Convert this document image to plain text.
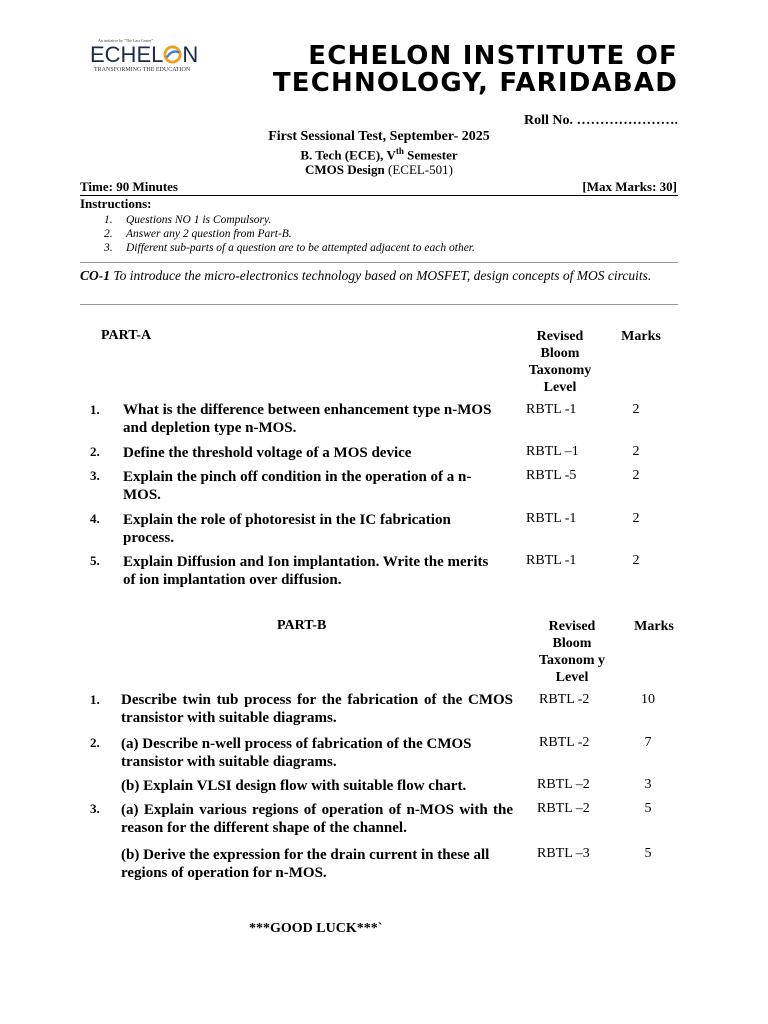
An initiative by "The Last Center"
ECHEL N
TRANSFORMING THE EDUCATION	ECHELON INSTITUTE OF
TECHNOLOGY, FARIDABAD
Roll No. ………………….
First Sessional Test, September- 2025
B. Tech (ECE), Vth Semester
CMOS Design (ECEL-501)
Time: 90 Minutes	[Max Marks: 30]
Instructions:
1. Questions NO 1 is Compulsory.
2. Answer any 2 question from Part-B.
3. Different sub-parts of a question are to be attempted adjacent to each other.
CO-1 To introduce the micro-electronics technology based on MOSFET, design concepts of MOS circuits.
PART-A	Revised Bloom Taxonomy Level
Marks
1. What is the difference between enhancement type n-MOS and depletion type n-MOS.
RBTL -1	2
2. Define the threshold voltage of a MOS device	RBTL –1	2
3. Explain the pinch off condition in the operation of a n-MOS.
RBTL -5	2
4. Explain the role of photoresist in the IC fabrication process.
RBTL -1	2
5. Explain Diffusion and Ion implantation. Write the merits of ion implantation over diffusion.
RBTL -1	2
PART-B	Revised Bloom Taxonom y Level
Marks
1. Describe twin tub process for the fabrication of the CMOS transistor with suitable diagrams.
RBTL -2	10
2. (a) Describe n-well process of fabrication of the CMOS transistor with suitable diagrams.
RBTL -2	7
(b) Explain VLSI design flow with suitable flow chart.	RBTL –2	3
3. (a) Explain various regions of operation of n-MOS with the reason for the different shape of the channel.
RBTL –2	5
(b) Derive the expression for the drain current in these all regions of operation for n-MOS.
RBTL –3	5
***GOOD LUCK***`
